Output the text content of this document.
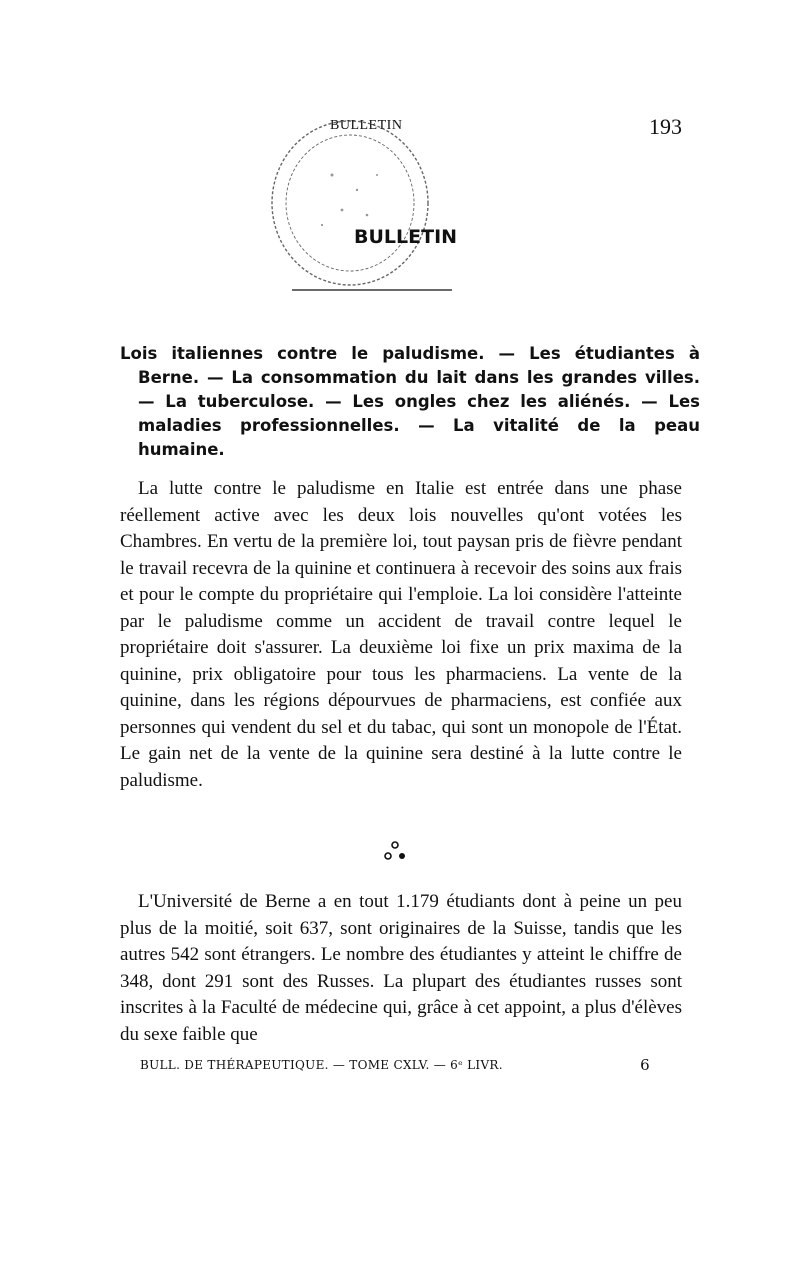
BULLETIN	193
BULLETIN

Lois italiennes contre le paludisme. — Les étudiantes à Berne. — La consommation du lait dans les grandes villes. — La tuberculose. — Les ongles chez les aliénés. — Les maladies professionnelles. — La vitalité de la peau humaine.

La lutte contre le paludisme en Italie est entrée dans une phase réellement active avec les deux lois nouvelles qu'ont votées les Chambres. En vertu de la première loi, tout paysan pris de fièvre pendant le travail recevra de la quinine et continuera à recevoir des soins aux frais et pour le compte du propriétaire qui l'emploie. La loi considère l'atteinte par le paludisme comme un accident de travail contre lequel le propriétaire doit s'assurer. La deuxième loi fixe un prix maxima de la quinine, prix obligatoire pour tous les pharmaciens. La vente de la quinine, dans les régions dépourvues de pharmaciens, est confiée aux personnes qui vendent du sel et du tabac, qui sont un monopole de l'État. Le gain net de la vente de la quinine sera destiné à la lutte contre le paludisme.

L'Université de Berne a en tout 1.179 étudiants dont à peine un peu plus de la moitié, soit 637, sont originaires de la Suisse, tandis que les autres 542 sont étrangers. Le nombre des étudiantes y atteint le chiffre de 348, dont 291 sont des Russes. La plupart des étudiantes russes sont inscrites à la Faculté de médecine qui, grâce à cet appoint, a plus d'élèves du sexe faible que

BULL. DE THÉRAPEUTIQUE. — TOME CXLV. — 6ᵉ LIVR.	6
